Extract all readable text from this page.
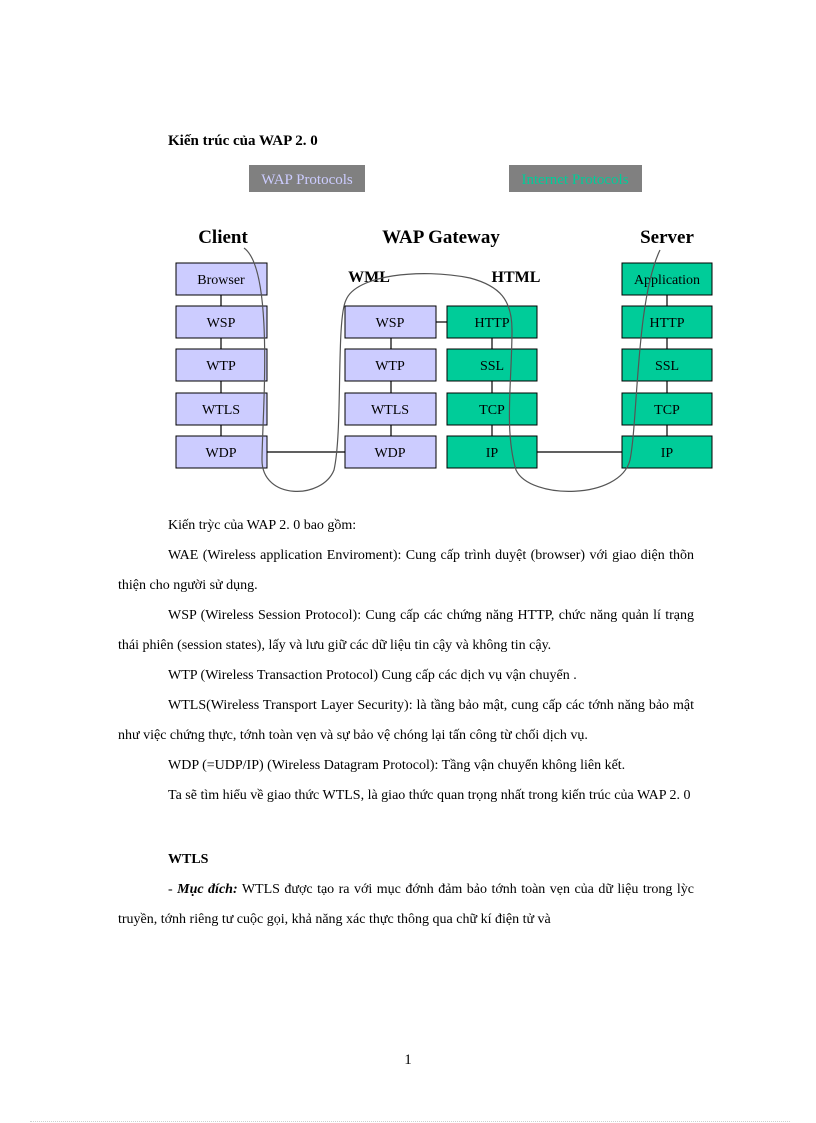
Kiến trúc của WAP 2. 0
WAP Protocols	Internet Protocols
Client	WAP Gateway	Server
WML	HTML
Browser
WSP
WTP
WTLS
WDP
WSP
WTP
WTLS
WDP
HTTP
SSL
TCP
IP
Application
HTTP
SSL
TCP
IP

Kiến trỳc của WAP 2. 0 bao gồm:

WAE (Wireless application Enviroment): Cung cấp trình duyệt (browser) với giao diện thõn thiện cho người sử dụng.

WSP (Wireless Session Protocol): Cung cấp các chứng năng HTTP, chức năng quản lí trạng thái phiên (session states), lấy và lưu giữ các dữ liệu tin cậy và không tin cậy.

WTP (Wireless Transaction Protocol) Cung cấp các dịch vụ vận chuyển .

WTLS(Wireless Transport Layer Security): là tầng bảo mật, cung cấp các tớnh năng bảo mật như việc chứng thực, tớnh toàn vẹn và sự bảo vệ chóng lại tấn công từ chối dịch vụ.

WDP (=UDP/IP) (Wireless Datagram Protocol): Tầng vận chuyển không liên kết.

Ta sẽ tìm hiểu về giao thức WTLS, là giao thức quan trọng nhất trong kiến trúc của WAP 2. 0

WTLS

- Mục đích: WTLS được tạo ra với mục đớnh đảm bảo tớnh toàn vẹn của dữ liệu trong lỳc truyền, tớnh riêng tư cuộc gọi, khả năng xác thực thông qua chữ kí điện tử và

1
